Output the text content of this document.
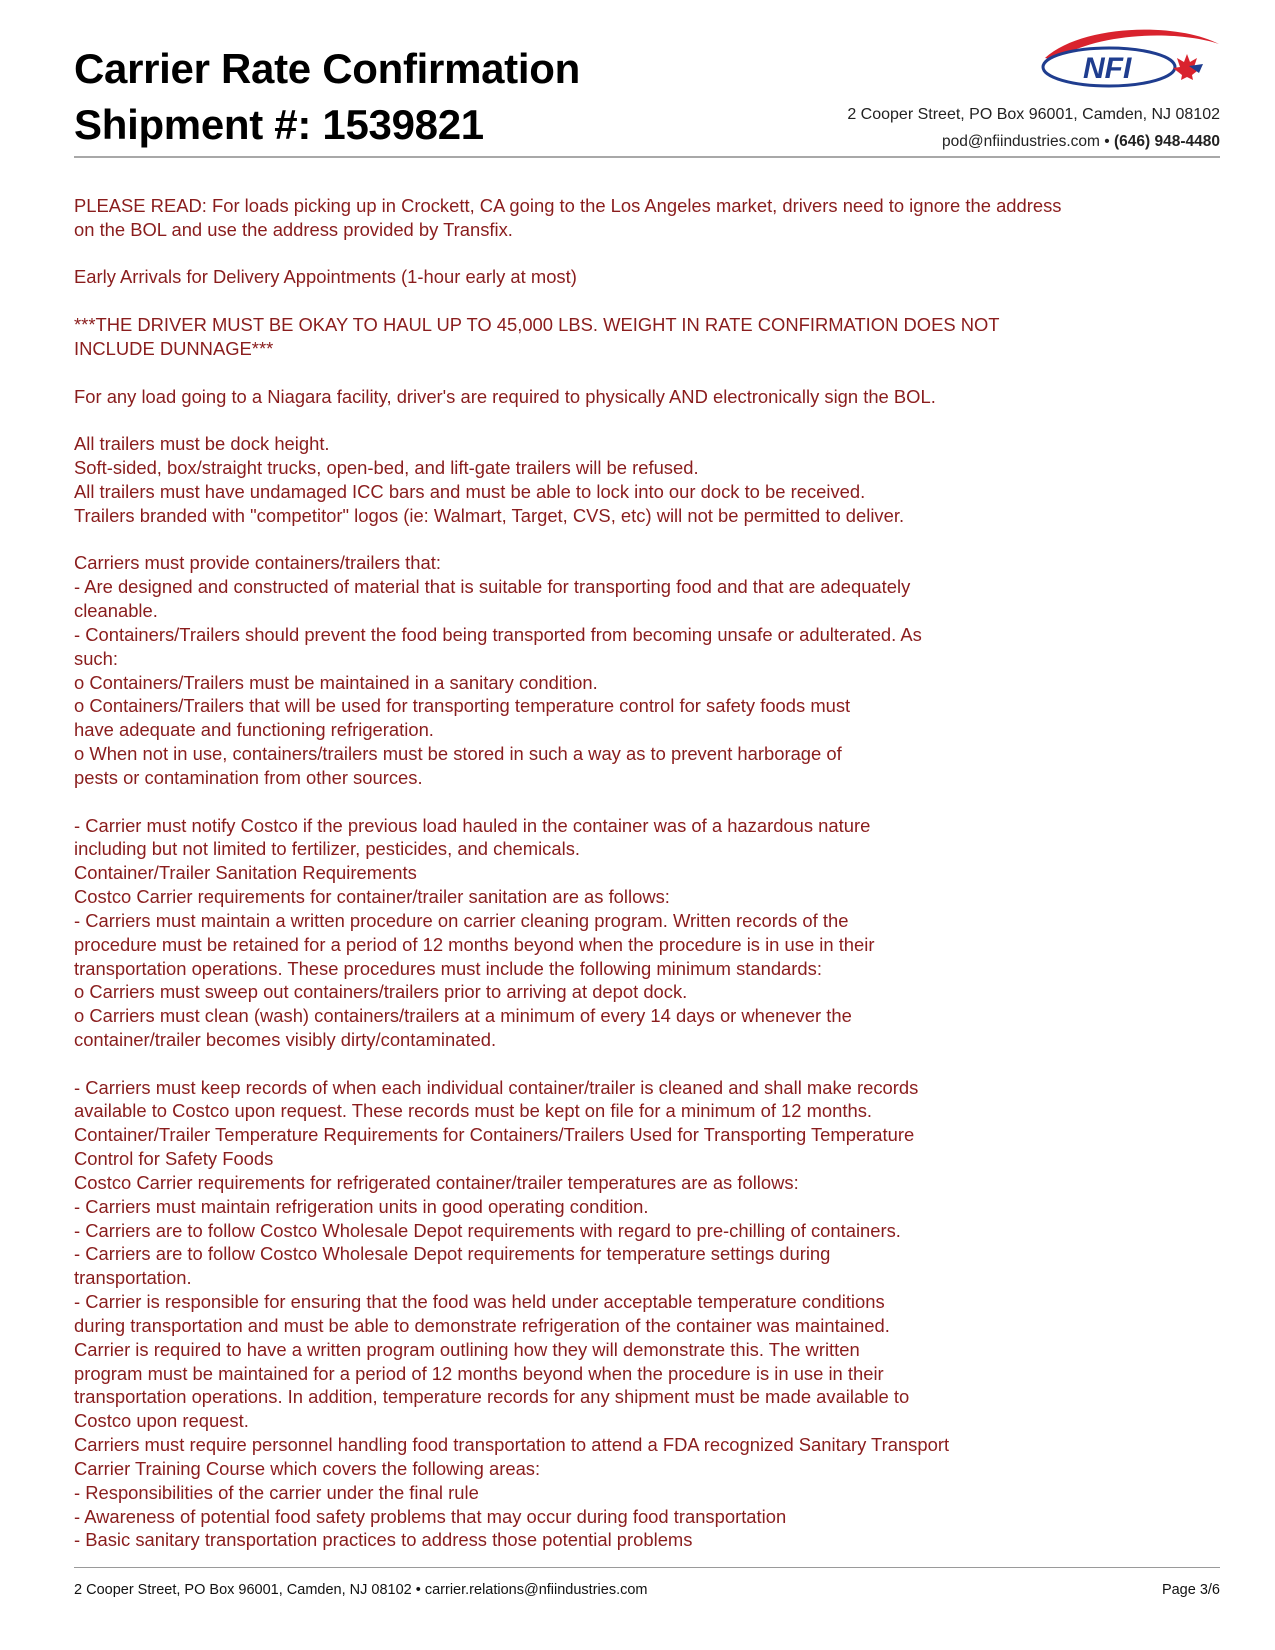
Carrier Rate Confirmation
Shipment #: 1539821
NFI
2 Cooper Street, PO Box 96001, Camden, NJ 08102
pod@nfiindustries.com • (646) 948-4480

PLEASE READ: For loads picking up in Crockett, CA going to the Los Angeles market, drivers need to ignore the address

on the BOL and use the address provided by Transfix.

Early Arrivals for Delivery Appointments (1-hour early at most)

***THE DRIVER MUST BE OKAY TO HAUL UP TO 45,000 LBS. WEIGHT IN RATE CONFIRMATION DOES NOT

INCLUDE DUNNAGE***

For any load going to a Niagara facility, driver's are required to physically AND electronically sign the BOL.

All trailers must be dock height.

Soft-sided, box/straight trucks, open-bed, and lift-gate trailers will be refused.

All trailers must have undamaged ICC bars and must be able to lock into our dock to be received.

Trailers branded with "competitor" logos (ie: Walmart, Target, CVS, etc) will not be permitted to deliver.

Carriers must provide containers/trailers that:

- Are designed and constructed of material that is suitable for transporting food and that are adequately

cleanable.

- Containers/Trailers should prevent the food being transported from becoming unsafe or adulterated. As

such:

o Containers/Trailers must be maintained in a sanitary condition.

o Containers/Trailers that will be used for transporting temperature control for safety foods must

have adequate and functioning refrigeration.

o When not in use, containers/trailers must be stored in such a way as to prevent harborage of

pests or contamination from other sources.

- Carrier must notify Costco if the previous load hauled in the container was of a hazardous nature

including but not limited to fertilizer, pesticides, and chemicals.

Container/Trailer Sanitation Requirements

Costco Carrier requirements for container/trailer sanitation are as follows:

- Carriers must maintain a written procedure on carrier cleaning program. Written records of the

procedure must be retained for a period of 12 months beyond when the procedure is in use in their

transportation operations. These procedures must include the following minimum standards:

o Carriers must sweep out containers/trailers prior to arriving at depot dock.

o Carriers must clean (wash) containers/trailers at a minimum of every 14 days or whenever the

container/trailer becomes visibly dirty/contaminated.

- Carriers must keep records of when each individual container/trailer is cleaned and shall make records

available to Costco upon request. These records must be kept on file for a minimum of 12 months.

Container/Trailer Temperature Requirements for Containers/Trailers Used for Transporting Temperature

Control for Safety Foods

Costco Carrier requirements for refrigerated container/trailer temperatures are as follows:

- Carriers must maintain refrigeration units in good operating condition.

- Carriers are to follow Costco Wholesale Depot requirements with regard to pre-chilling of containers.

- Carriers are to follow Costco Wholesale Depot requirements for temperature settings during

transportation.

- Carrier is responsible for ensuring that the food was held under acceptable temperature conditions

during transportation and must be able to demonstrate refrigeration of the container was maintained.

Carrier is required to have a written program outlining how they will demonstrate this. The written

program must be maintained for a period of 12 months beyond when the procedure is in use in their

transportation operations. In addition, temperature records for any shipment must be made available to

Costco upon request.

Carriers must require personnel handling food transportation to attend a FDA recognized Sanitary Transport

Carrier Training Course which covers the following areas:

- Responsibilities of the carrier under the final rule

- Awareness of potential food safety problems that may occur during food transportation

- Basic sanitary transportation practices to address those potential problems

2 Cooper Street, PO Box 96001, Camden, NJ 08102 • carrier.relations@nfiindustries.com	Page 3/6
